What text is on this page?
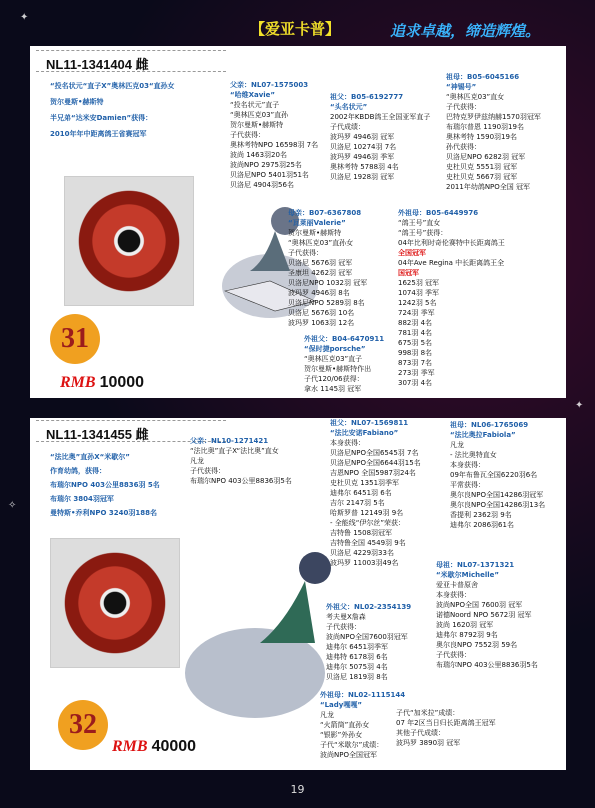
✦
✦
✧
【爱亚卡普】	追求卓越，缔造辉煌。
NL11-1341404 雌
“投名状元“直子X”奥林匹克03“直孙女
贺尔曼斯•赫斯特
半兄弟“达米安Damien”获得：
2010年年中距离鸽王省赛冠军
31
RMB 10000
父亲：NL07-1575003
“哈维Xavie”
“投名状元”直子
“奥林匹克03”直孙
贺尔曼斯•赫斯特
子代获得：
奥林考特NPO 16598羽 7名
波尚 1463羽20名
波尚NPO 2975羽25名
贝洛尼NPO 5401羽51名
贝洛尼 4904羽56名
祖父：B05-6192777
“头名状元”
2002年KBDB鸽王全国亚军直子
子代成绩：
波玛罗 4946羽 冠军
贝洛尼 10274羽 7名
波玛罗 4946羽 季军
奥林考特 5788羽 4名
贝洛尼 1928羽 冠军
祖母：B05-6045166
“神锡号”
“奥林匹克03”直女
子代获得：
巴特克罗伊兹纳赫1570羽冠军
布瑞尔普恩 1190羽19名
奥林考特 1590羽19名
孙代获得：
贝洛尼NPO 6282羽 冠军
史杜贝克 5551羽 冠军
史杜贝克 5667羽 冠军
2011年幼鸽NPO全国 冠军
母亲：B07-6367808
“瓦莱丽Valerie”
贺尔曼斯•赫斯特
“奥林匹克03”直孙女
子代获得：
贝洛尼 5676羽 冠军
圣康坦 4262羽 冠军
贝洛尼NPO 1032羽 冠军
波玛罗 4946羽 8名
贝洛尼NPO 5289羽 8名
贝洛尼 5676羽 10名
波玛罗 1063羽 12名
外祖父：B04-6470911
“保时捷porsche”
“奥林匹克03”直子
贺尔曼斯•赫斯特作出
子代120/06获得：
拿水 1145羽 冠军
外祖母：B05-6449976
“鸽王号”直女
“鸽王号”获得：
04年比利时奇伦赛特中长距离鸽王
全国冠军
04年Ave Regina 中长距离鸽王全
国冠军
1625羽 冠军
1074羽 季军
1242羽 5名
724羽 季军
882羽 4名
781羽 4名
675羽 5名
998羽 8名
873羽 7名
273羽 季军
307羽 4名
NL11-1341455 雌
“法比奥”直孙X“米歇尔”
作育幼鸽，获得：
布瑞尔NPO 403公里8836羽 5名
布瑞尔 3804羽冠军
曼特斯•乔利NPO 3240羽188名
32
RMB 40000
父亲：NL10-1271421
“法比奥”直子X“法比奥”直女
凡龙
子代获得：
布瑞尔NPO 403公里8836羽5名
祖父：NL07-1569811
“法比安诺Fabiano”
本身获得：
贝洛尼NPO全国6545羽 7名
贝洛尼NPO全国6644羽15名
吉恩NPO 全国5987羽24名
史杜贝克 1351羽季军
迪弗尔 6451羽 6名
吉尔 2147羽 5名
哈斯罗普 12149羽 9名
- 全能线“伊尔丝”荣获：
吉特鲁 1508羽冠军
吉特鲁全国 4549羽 9名
贝洛尼 4229羽33名
波玛罗 11003羽49名
祖母：NL06-1765069
“法比奥拉Fabiola”
凡龙
- 法比奥特直女
本身获得：
09年布鲁瓦全国6220羽6名
平常获得：
奥尔良NPO全国14286羽冠军
奥尔良NPO全国14286羽13名
香提利 2362羽 9名
迪弗尔 2086羽61名
母祖：NL07-1371321
“米歇尔Michelle”
爱亚卡普原舍
本身获得：
波尚NPO全国 7600羽 冠军
诺德Noord NPO 5672羽 冠军
波尚 1620羽 冠军
迪弗尔 8792羽 9名
奥尔良NPO 7552羽 59名
子代获得：
布瑞尔NPO 403公里8836羽5名
外祖父：NL02-2354139
考夫曼X詹森
子代获得：
波尚NPO全国7600羽冠军
迪弗尔 6451羽季军
迪弗特 6178羽 6名
迪弗尔 5075羽 4名
贝洛尼 1819羽 8名
外祖母：NL02-1115144
“Lady嘎嘎”
凡龙
“火箭筒”直孙女
“银影”外孙女
子代“米歇尔”成绩：
波尚NPO全国冠军
子代“加米拉”成绩：
07 年2区当日归长距离鸽王冠军
其他子代成绩：
波玛罗 3890羽 冠军
19
